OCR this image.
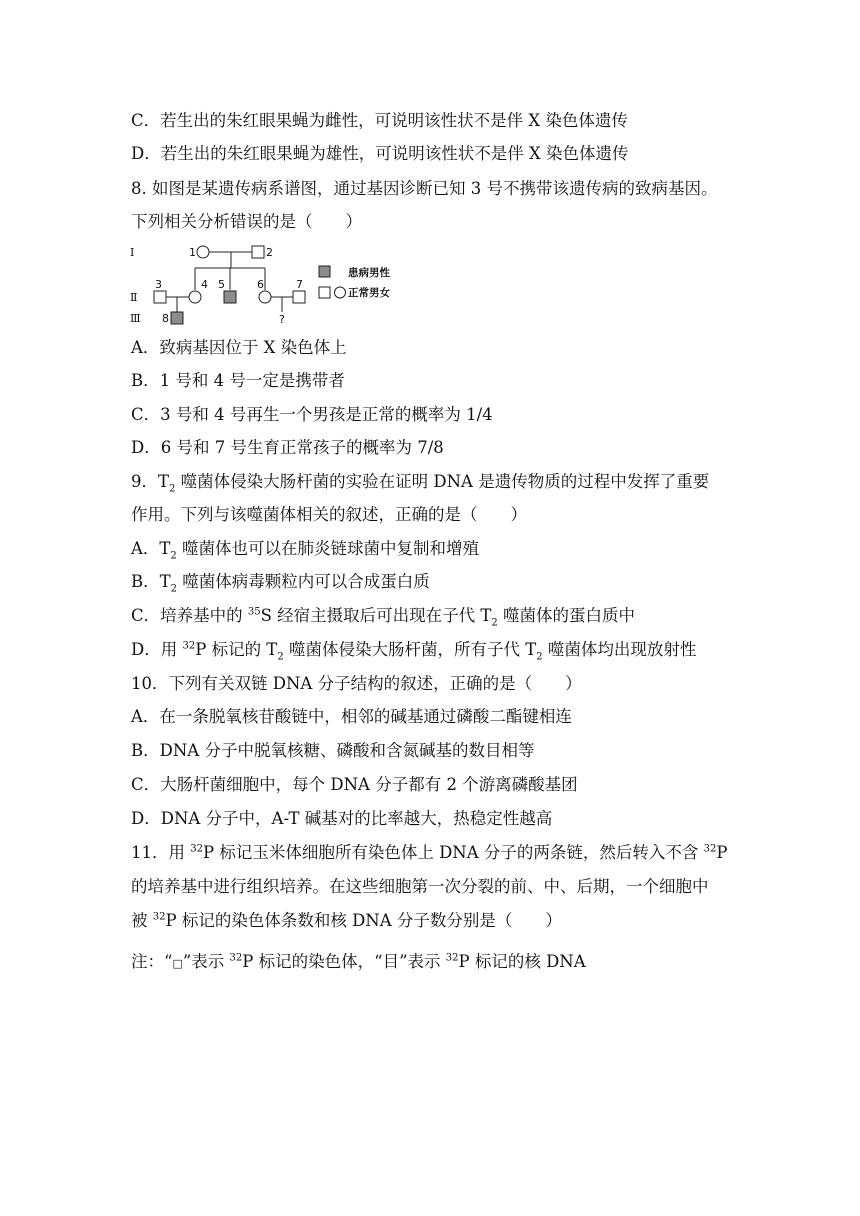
C．若生出的朱红眼果蝇为雌性，可说明该性状不是伴 X 染色体遗传
D．若生出的朱红眼果蝇为雄性，可说明该性状不是伴 X 染色体遗传
8. 如图是某遗传病系谱图，通过基因诊断已知 3 号不携带该遗传病的致病基因。
下列相关分析错误的是（　　）
Ⅰ
Ⅱ
Ⅲ
1	2
3	4 5	6	7
8	?
患病男性
正常男女
A．致病基因位于 X 染色体上
B．1 号和 4 号一定是携带者
C．3 号和 4 号再生一个男孩是正常的概率为 1/4
D．6 号和 7 号生育正常孩子的概率为 7/8
9．$T_2$ 噬菌体侵染大肠杆菌的实验在证明 DNA 是遗传物质的过程中发挥了重要
作用。下列与该噬菌体相关的叙述，正确的是（　　）
A．$T_2$ 噬菌体也可以在肺炎链球菌中复制和增殖
B．$T_2$ 噬菌体病毒颗粒内可以合成蛋白质
C．培养基中的 $^{35}$S 经宿主摄取后可出现在子代 $T_2$ 噬菌体的蛋白质中
D．用 $^{32}$P 标记的 $T_2$ 噬菌体侵染大肠杆菌，所有子代 $T_2$ 噬菌体均出现放射性
10．下列有关双链 DNA 分子结构的叙述，正确的是（　　）
A．在一条脱氧核苷酸链中，相邻的碱基通过磷酸二酯键相连
B．DNA 分子中脱氧核糖、磷酸和含氮碱基的数目相等
C．大肠杆菌细胞中，每个 DNA 分子都有 2 个游离磷酸基团
D．DNA 分子中，A-T 碱基对的比率越大，热稳定性越高
11．用 $^{32}$P 标记玉米体细胞所有染色体上 DNA 分子的两条链，然后转入不含 $^{32}$P
的培养基中进行组织培养。在这些细胞第一次分裂的前、中、后期，一个细胞中
被 $^{32}$P 标记的染色体条数和核 DNA 分子数分别是（　　）
注：“□”表示 $^{32}$P 标记的染色体，“目”表示 $^{32}$P 标记的核 DNA
